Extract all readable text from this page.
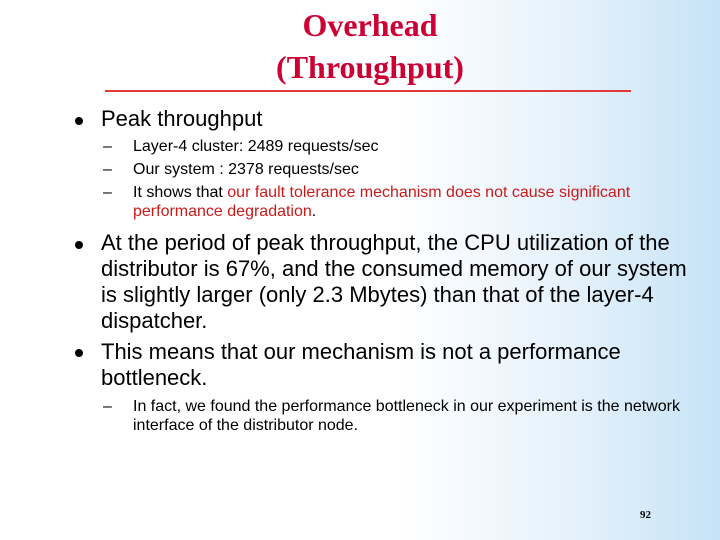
Overhead
(Throughput)
Peak throughput
– Layer-4 cluster: 2489 requests/sec
– Our system : 2378 requests/sec
– It shows that our fault tolerance mechanism does not cause significant performance degradation.
At the period of peak throughput, the CPU utilization of the distributor is 67%, and the consumed memory of our system is slightly larger (only 2.3 Mbytes) than that of the layer-4 dispatcher.
This means that our mechanism is not a performance bottleneck.
– In fact, we found the performance bottleneck in our experiment is the network interface of the distributor node.
92
